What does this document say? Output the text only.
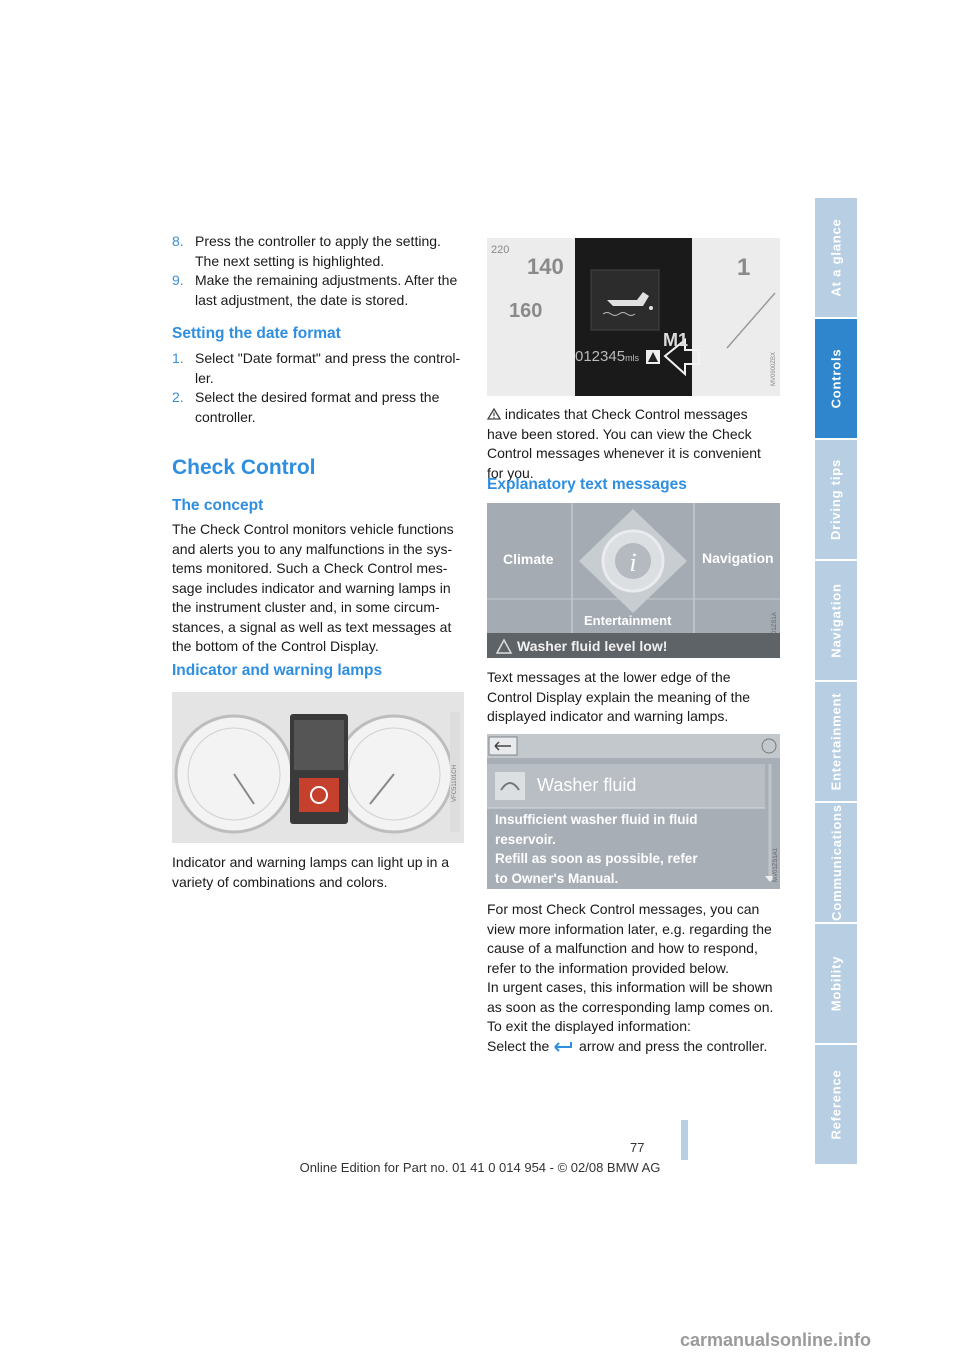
8. Press the controller to apply the setting. The next setting is highlighted.
9. Make the remaining adjustments. After the last adjustment, the date is stored.
Setting the date format
1. Select "Date format" and press the control-ler.
2. Select the desired format and press the controller.
Check Control
The concept
The Check Control monitors vehicle functions and alerts you to any malfunctions in the sys-tems monitored. Such a Check Control mes-sage includes indicator and warning lamps in the instrument cluster and, in some circum-stances, a signal as well as text messages at the bottom of the Control Display.
Indicator and warning lamps
VFC51101CH
Indicator and warning lamps can light up in a variety of combinations and colors.
220
140
160
1
M1
012345mls	MV0900ZBX
indicates that Check Control messages have been stored. You can view the Check Control messages whenever it is convenient for you.
Explanatory text messages
i
Climate	Navigation
Entertainment
Washer fluid level low!
MV01ZS1A
Text messages at the lower edge of the Control Display explain the meaning of the displayed indicator and warning lamps.
Washer fluid
Insufficient washer fluid in fluid
reservoir.
Refill as soon as possible, refer
to Owner's Manual.	MV01ZS1A1
For most Check Control messages, you can view more information later, e.g. regarding the cause of a malfunction and how to respond, refer to the information provided below.
In urgent cases, this information will be shown as soon as the corresponding lamp comes on.
To exit the displayed information:
Select the arrow and press the controller.
At a glance
Controls
Driving tips
Navigation
Entertainment
Communications
Mobility
Reference
77
Online Edition for Part no. 01 41 0 014 954 - © 02/08 BMW AG
carmanualsonline.info
